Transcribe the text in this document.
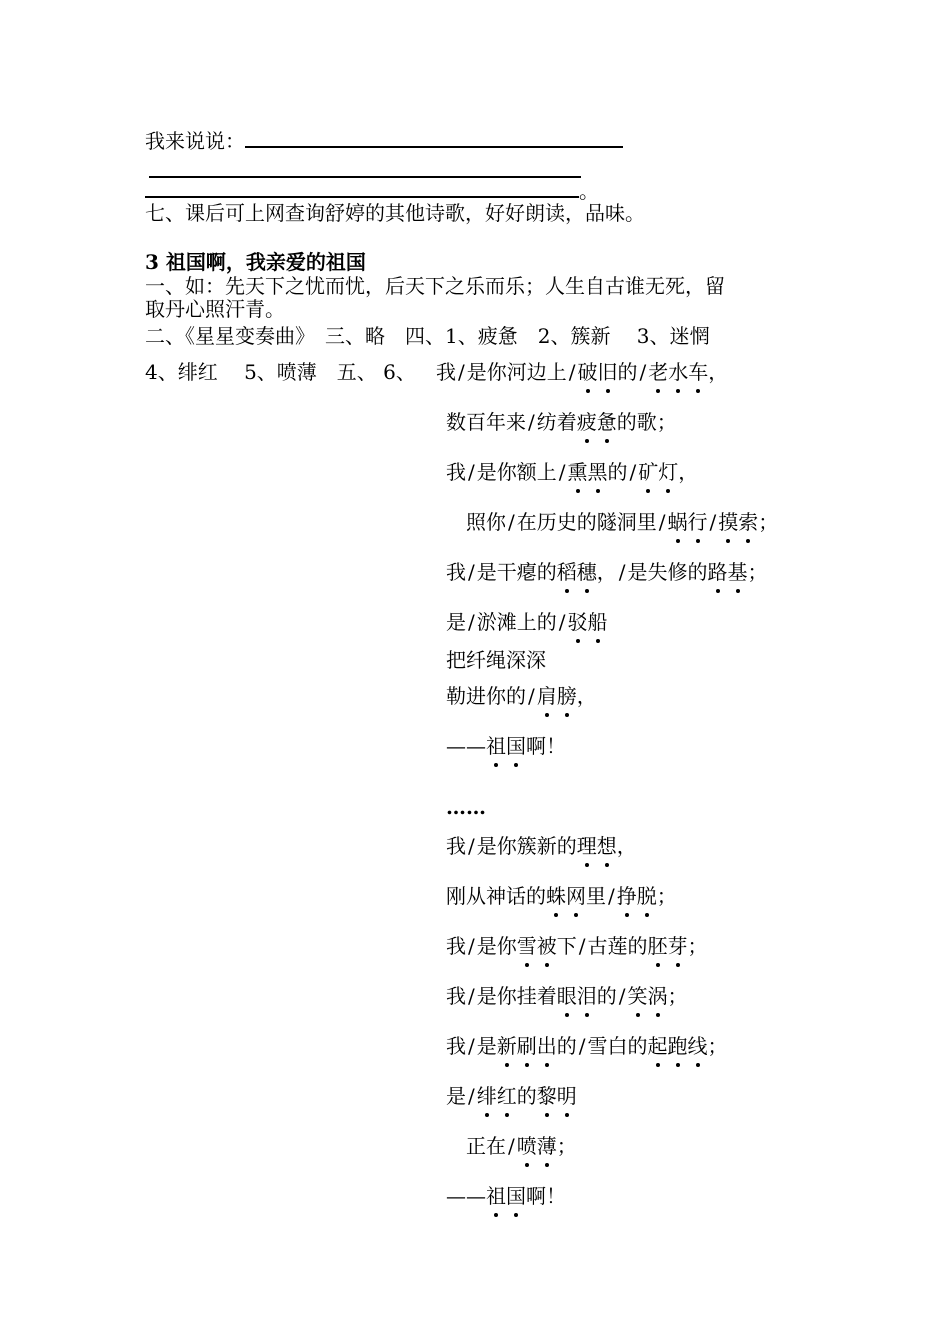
我来说说：
。
七、课后可上网查询舒婷的其他诗歌，好好朗读，品味。
3 祖国啊，我亲爱的祖国
一、如：先天下之忧而忧，后天下之乐而乐；人生自古谁无死，留
取丹心照汗青。
二、《星星变奏曲》　三、略　四、1、疲惫　2、簇新　 3、迷惘
4、绯红　 5、喷薄　五、 6、 我 / 是你河边上 / 破旧的 / 老水车，
数百年来 / 纺着疲惫的歌；
我 / 是你额上 / 熏黑的 / 矿灯，
　照你 / 在历史的隧洞里 / 蜗行 / 摸索；
我 / 是干瘪的稻穗， / 是失修的路基；
是 / 淤滩上的 / 驳船
把纤绳深深
勒进你的 / 肩膀，
——祖国啊！
我 / 是你簇新的理想，
刚从神话的蛛网里 / 挣脱；
我 / 是你雪被下 / 古莲的胚芽；
我 / 是你挂着眼泪的 / 笑涡；
我 / 是新刷出的 / 雪白的起跑线；
是 / 绯红的黎明
　正在 / 喷薄；
——祖国啊！
……
